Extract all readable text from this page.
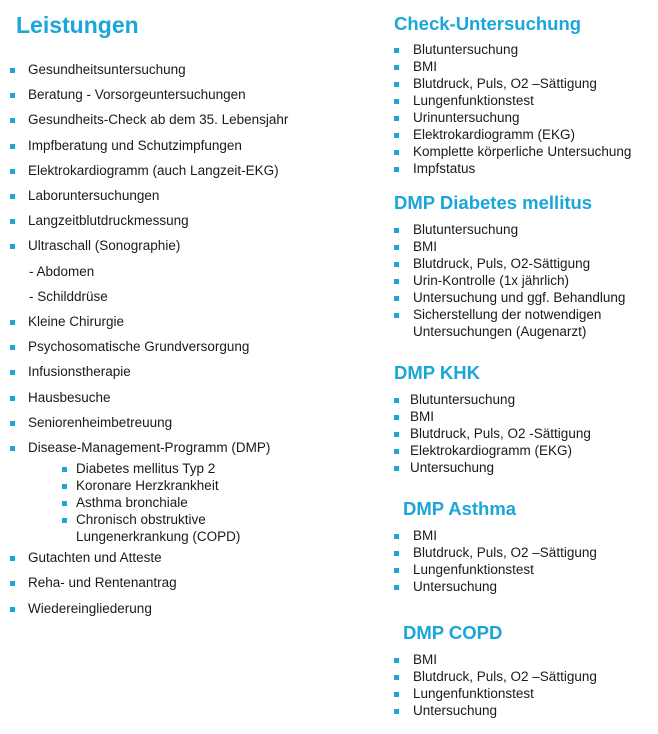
Leistungen
Gesundheitsuntersuchung
Beratung - Vorsorgeuntersuchungen
Gesundheits-Check ab dem 35. Lebensjahr
Impfberatung und Schutzimpfungen
Elektrokardiogramm (auch Langzeit-EKG)
Laboruntersuchungen
Langzeitblutdruckmessung
Ultraschall (Sonographie)
- Abdomen
- Schilddrüse
Kleine Chirurgie
Psychosomatische Grundversorgung
Infusionstherapie
Hausbesuche
Seniorenheimbetreuung
Disease-Management-Programm (DMP)
Diabetes mellitus Typ 2
Koronare Herzkrankheit
Asthma bronchiale
Chronisch obstruktive
Lungenerkrankung (COPD)
Gutachten und Atteste
Reha- und Rentenantrag
Wiedereingliederung
Check-Untersuchung
Blutuntersuchung
BMI
Blutdruck, Puls, O2 –Sättigung
Lungenfunktionstest
Urinuntersuchung
Elektrokardiogramm (EKG)
Komplette körperliche Untersuchung
Impfstatus
DMP Diabetes mellitus
Blutuntersuchung
BMI
Blutdruck, Puls, O2-Sättigung
Urin-Kontrolle (1x jährlich)
Untersuchung und ggf. Behandlung
Sicherstellung der notwendigen
Untersuchungen (Augenarzt)
DMP KHK
Blutuntersuchung
BMI
Blutdruck, Puls, O2 -Sättigung
Elektrokardiogramm (EKG)
Untersuchung
DMP Asthma
BMI
Blutdruck, Puls, O2 –Sättigung
Lungenfunktionstest
Untersuchung
DMP COPD
BMI
Blutdruck, Puls, O2 –Sättigung
Lungenfunktionstest
Untersuchung
